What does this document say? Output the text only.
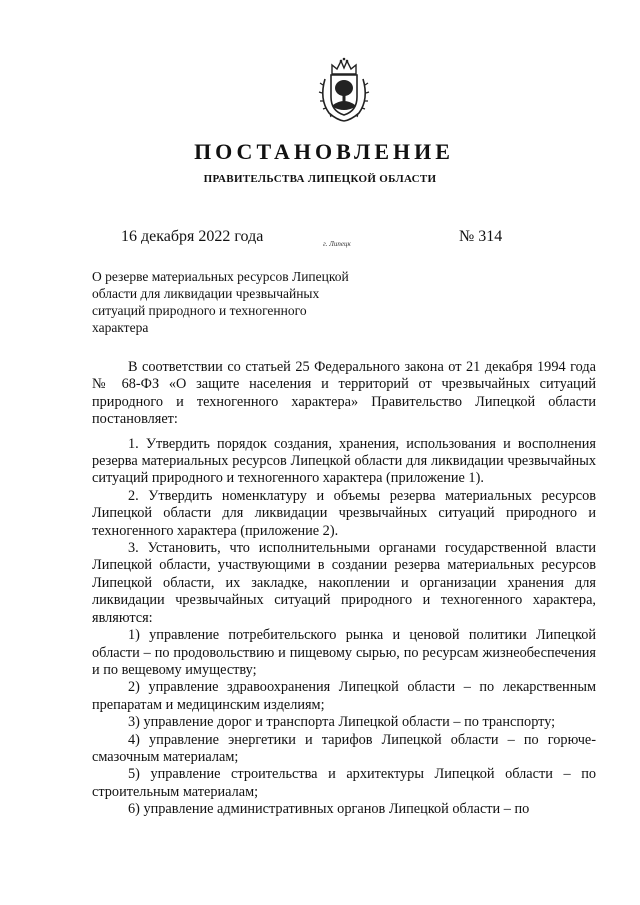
ПОСТАНОВЛЕНИЕ
ПРАВИТЕЛЬСТВА ЛИПЕЦКОЙ ОБЛАСТИ
16 декабря 2022 года	г. Липецк	№ 314
О резерве материальных ресурсов Липецкой области для ликвидации чрезвычайных ситуаций природного и техногенного характера

В соответствии со статьей 25 Федерального закона от 21 декабря 1994 года № 68-ФЗ «О защите населения и территорий от чрезвычайных ситуаций природного и техногенного характера» Правительство Липецкой области постановляет:

1. Утвердить порядок создания, хранения, использования и восполнения резерва материальных ресурсов Липецкой области для ликвидации чрезвычайных ситуаций природного и техногенного характера (приложение 1).

2. Утвердить номенклатуру и объемы резерва материальных ресурсов Липецкой области для ликвидации чрезвычайных ситуаций природного и техногенного характера (приложение 2).

3. Установить, что исполнительными органами государственной власти Липецкой области, участвующими в создании резерва материальных ресурсов Липецкой области, их закладке, накоплении и организации хранения для ликвидации чрезвычайных ситуаций природного и техногенного характера, являются:

1) управление потребительского рынка и ценовой политики Липецкой области – по продовольствию и пищевому сырью, по ресурсам жизнеобеспечения и по вещевому имуществу;

2) управление здравоохранения Липецкой области – по лекарственным препаратам и медицинским изделиям;

3) управление дорог и транспорта Липецкой области – по транспорту;

4) управление энергетики и тарифов Липецкой области – по горюче-смазочным материалам;

5) управление строительства и архитектуры Липецкой области – по строительным материалам;

6) управление административных органов Липецкой области – по
